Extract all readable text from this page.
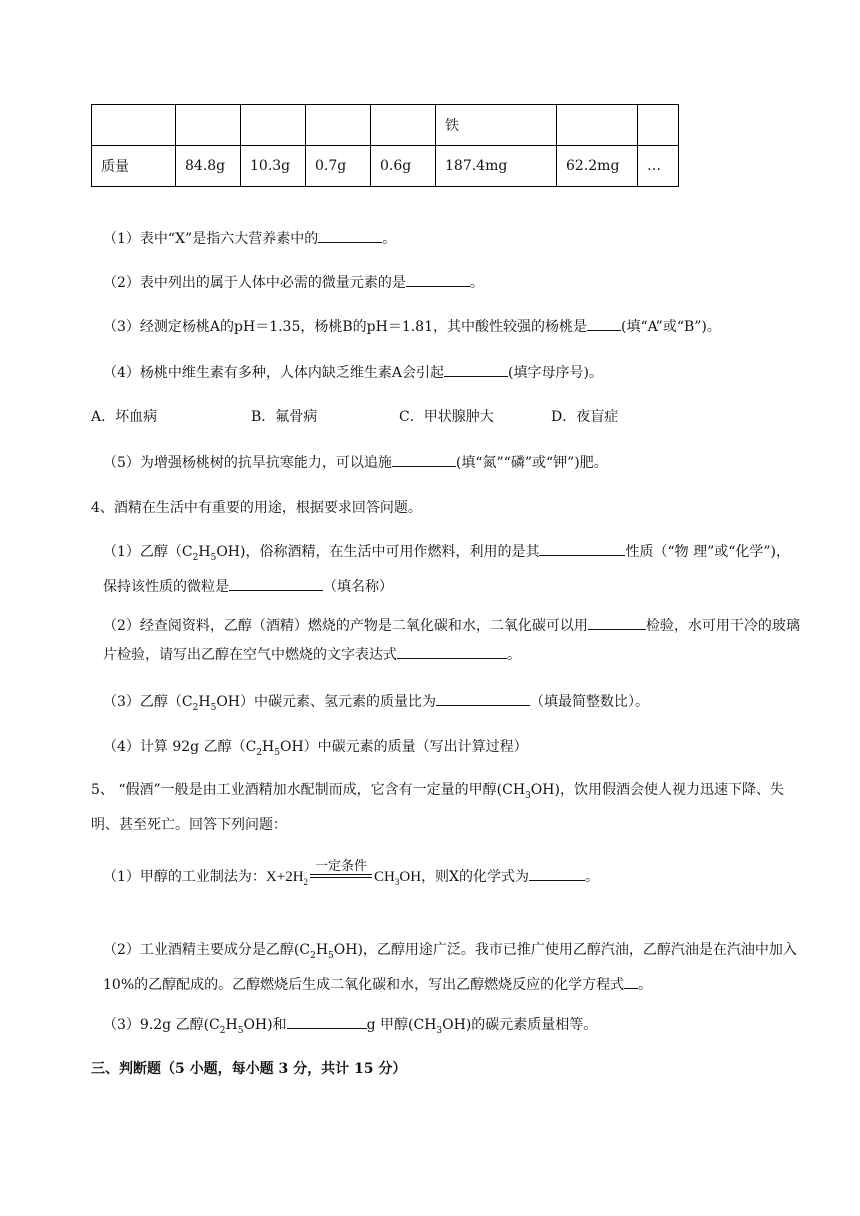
					铁		
质量	84.8g	10.3g	0.7g	0.6g	187.4mg	62.2mg	…
（1）表中“X”是指六大营养素中的	。
（2）表中列出的属于人体中必需的微量元素的是	。
（3）经测定杨桃A的pH＝1.35，杨桃B的pH＝1.81，其中酸性较强的杨桃是 (填“A”或“B”)。
（4）杨桃中维生素有多种，人体内缺乏维生素A会引起	(填字母序号)。
A．坏血病	B．氟骨病	C．甲状腺肿大	D．夜盲症
（5）为增强杨桃树的抗旱抗寒能力，可以追施	(填“氮”“磷”或“钾”)肥。
4、酒精在生活中有重要的用途，根据要求回答问题。
（1）乙醇$(C_2H_5OH)$，俗称酒精，在生活中可用作燃料，利用的是其	性质（“物 理”或“化学”)，保持该性质的微粒是	（填名称）
（2）经查阅资料，乙醇（酒精）燃烧的产物是二氧化碳和水，二氧化碳可以用	检验，水可用干冷的玻璃片检验，请写出乙醇在空气中燃烧的文字表达式	。
（3）乙醇$(C_2H_5OH)$中碳元素、氢元素的质量比为	（填最简整数比）。
（4）计算 92g 乙醇$(C_2H_5OH)$中碳元素的质量（写出计算过程）
5、 “假酒”一般是由工业酒精加水配制而成，它含有一定量的甲醇$(CH_3OH)$，饮用假酒会使人视力迅速下降、失明、甚至死亡。回答下列问题：
（1）甲醇的工业制法为：$X+2H_2$
一定条件
$CH_3OH$，则X的化学式为	。
（2）工业酒精主要成分是乙醇$(C_2H_5OH)$，乙醇用途广泛。我市已推广使用乙醇汽油，乙醇汽油是在汽油中加入10%的乙醇配成的。乙醇燃烧后生成二氧化碳和水，写出乙醇燃烧反应的化学方程式 。
（3）9.2g 乙醇$(C_2H_5OH)$和	g 甲醇$(CH_3OH)$的碳元素质量相等。
三、判断题（5 小题，每小题 3 分，共计 15 分）
